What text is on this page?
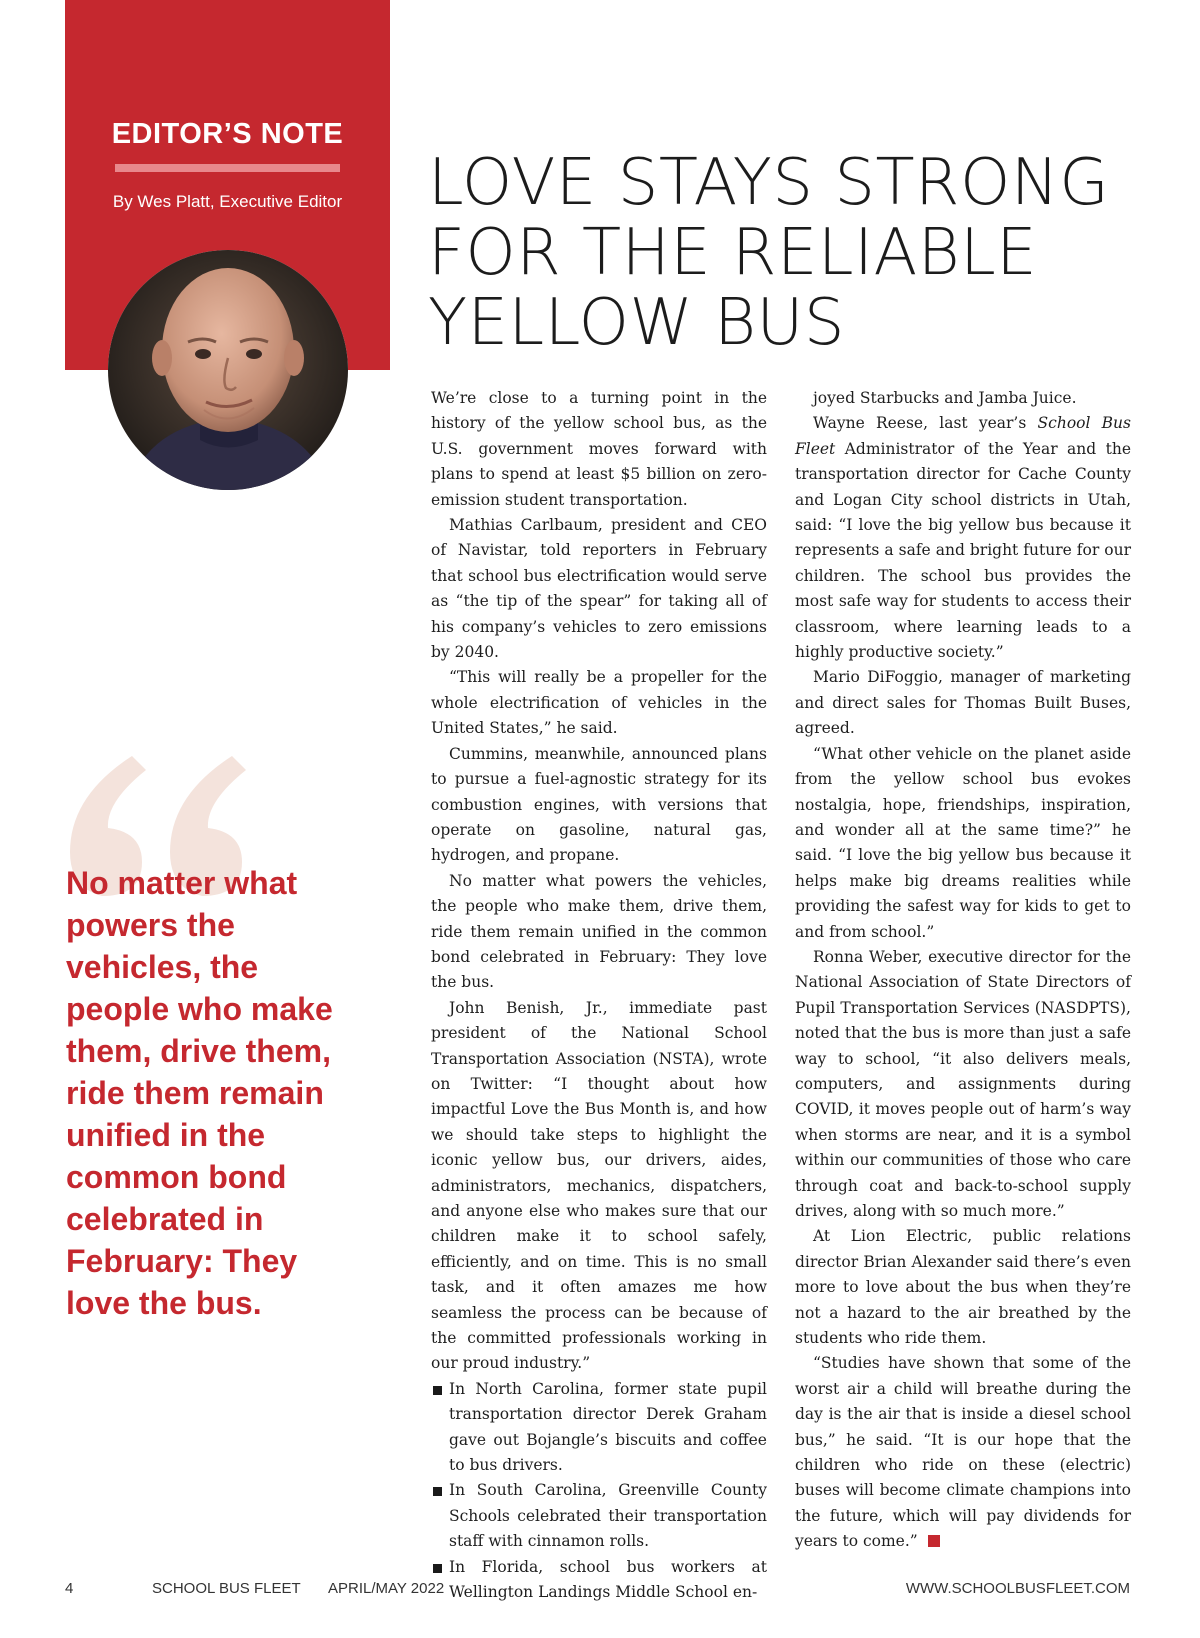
EDITOR’S NOTE
By Wes Platt, Executive Editor	LOVE STAYS STRONG
FOR THE RELIABLE
YELLOW BUS

No matter what powers the vehicles, the people who make them, drive them, ride them remain unified in the common bond celebrated in February: They love the bus.

We’re close to a turning point in the history of the yellow school bus, as the U.S. government moves forward with plans to spend at least $5 billion on zero-emission student transportation.

Mathias Carlbaum, president and CEO of Navistar, told reporters in February that school bus electrification would serve as “the tip of the spear” for taking all of his company’s vehicles to zero emissions by 2040.

“This will really be a propeller for the whole electrification of vehicles in the United States,” he said.

Cummins, meanwhile, announced plans to pursue a fuel-agnostic strategy for its combustion engines, with versions that operate on gasoline, natural gas, hydrogen, and propane.

No matter what powers the vehicles, the people who make them, drive them, ride them remain unified in the common bond celebrated in February: They love the bus.

John Benish, Jr., immediate past president of the National School Transportation Association (NSTA), wrote on Twitter: “I thought about how impactful Love the Bus Month is, and how we should take steps to highlight the iconic yellow bus, our drivers, aides, administrators, mechanics, dispatchers, and anyone else who makes sure that our children make it to school safely, efficiently, and on time. This is no small task, and it often amazes me how seamless the process can be because of the committed professionals working in our proud industry.”

In North Carolina, former state pupil transportation director Derek Graham gave out Bojangle’s biscuits and coffee to bus drivers.
In South Carolina, Greenville County Schools celebrated their transportation staff with cinnamon rolls.
In Florida, school bus workers at Wellington Landings Middle School en-

joyed Starbucks and Jamba Juice.

Wayne Reese, last year’s School Bus Fleet Administrator of the Year and the transportation director for Cache County and Logan City school districts in Utah, said: “I love the big yellow bus because it represents a safe and bright future for our children. The school bus provides the most safe way for students to access their classroom, where learning leads to a highly productive society.”

Mario DiFoggio, manager of marketing and direct sales for Thomas Built Buses, agreed.

“What other vehicle on the planet aside from the yellow school bus evokes nostalgia, hope, friendships, inspiration, and wonder all at the same time?” he said. “I love the big yellow bus because it helps make big dreams realities while providing the safest way for kids to get to and from school.”

Ronna Weber, executive director for the National Association of State Directors of Pupil Transportation Services (NASDPTS), noted that the bus is more than just a safe way to school, “it also delivers meals, computers, and assignments during COVID, it moves people out of harm’s way when storms are near, and it is a symbol within our communities of those who care through coat and back-to-school supply drives, along with so much more.”

At Lion Electric, public relations director Brian Alexander said there’s even more to love about the bus when they’re not a hazard to the air breathed by the students who ride them.

“Studies have shown that some of the worst air a child will breathe during the day is the air that is inside a diesel school bus,” he said. “It is our hope that the children who ride on these (electric) buses will become climate champions into the future, which will pay dividends for years to come.”

4	SCHOOL BUS FLEET APRIL/MAY 2022	WWW.SCHOOLBUSFLEET.COM
